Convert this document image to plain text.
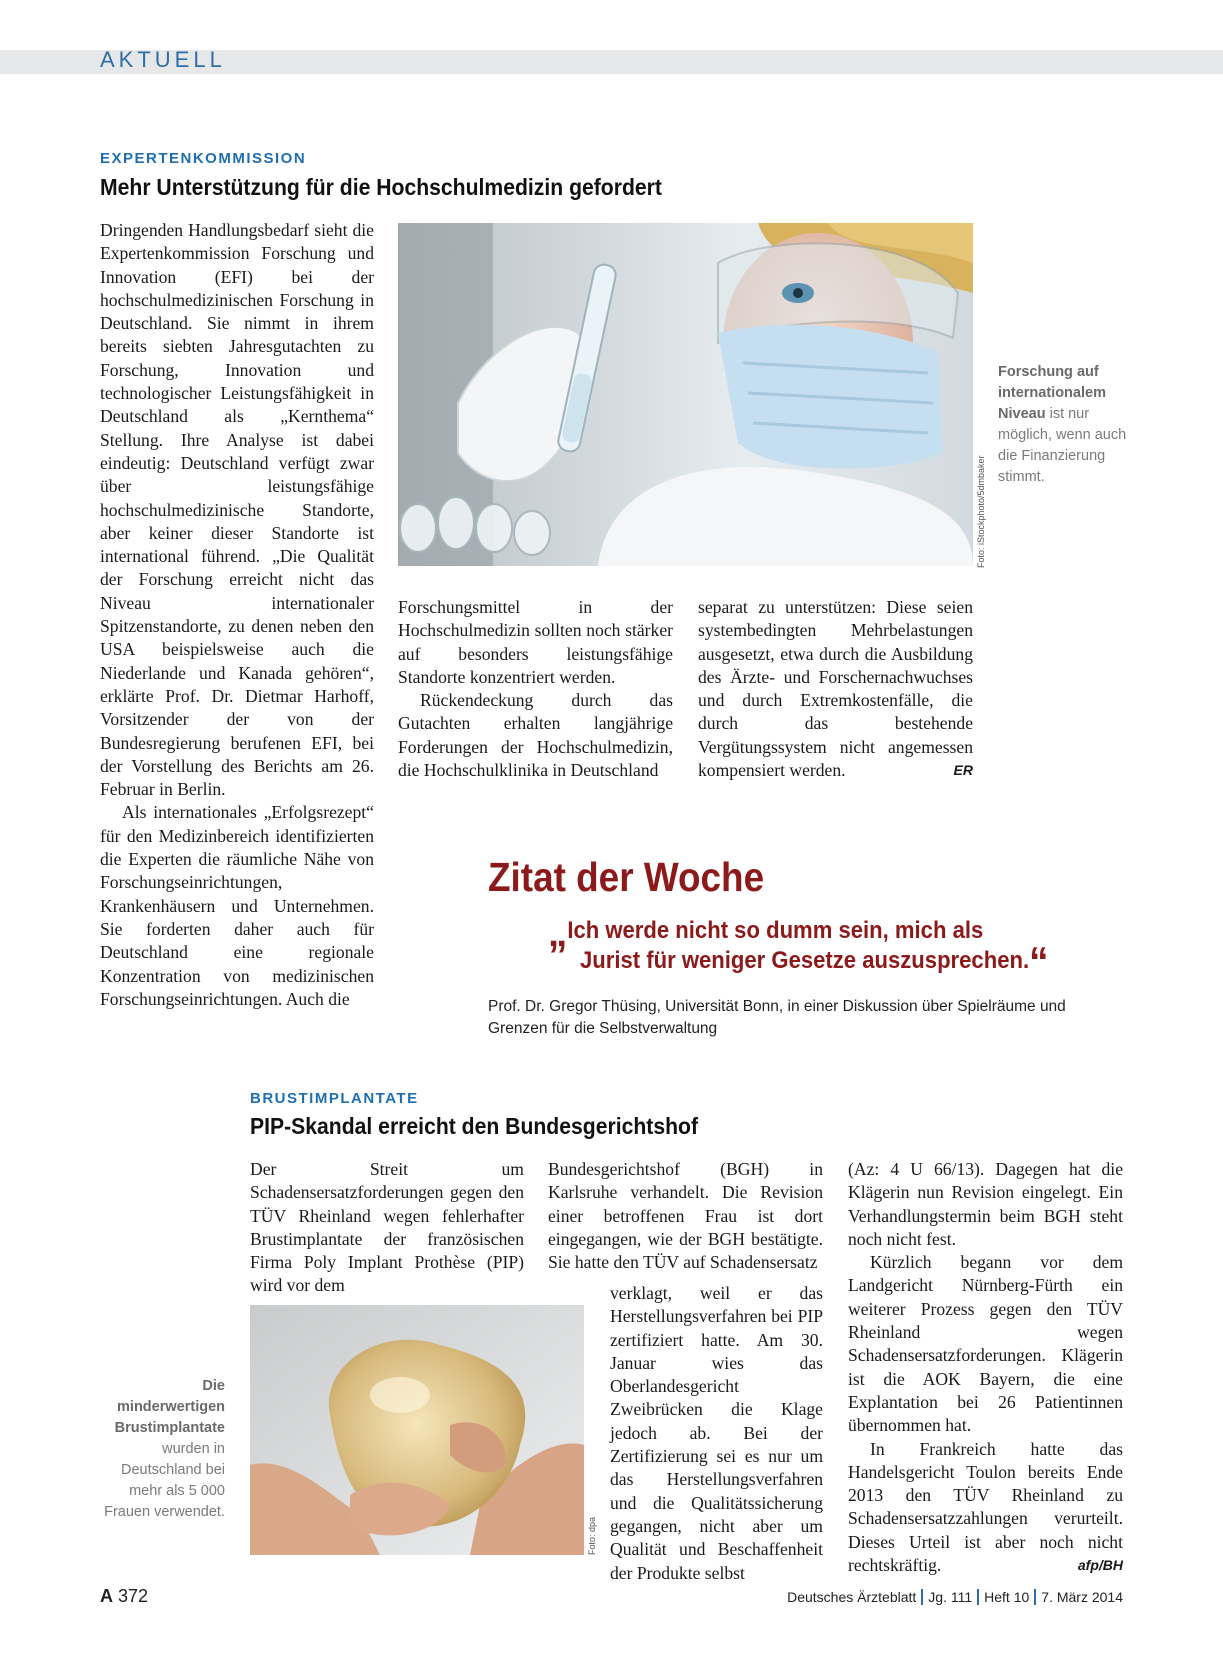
AKTUELL
EXPERTENKOMMISSION
Mehr Unterstützung für die Hochschulmedizin gefordert

Dringenden Handlungsbedarf sieht die Expertenkommission Forschung und Innovation (EFI) bei der hochschulmedizinischen Forschung in Deutschland. Sie nimmt in ihrem bereits siebten Jahresgutachten zu Forschung, Innovation und technologischer Leistungsfähigkeit in Deutschland als „Kernthema“ Stellung. Ihre Analyse ist dabei eindeutig: Deutschland verfügt zwar über leistungsfähige hochschulmedizinische Standorte, aber keiner dieser Standorte ist international führend. „Die Qualität der Forschung erreicht nicht das Niveau internationaler Spitzenstandorte, zu denen neben den USA beispielsweise auch die Niederlande und Kanada gehören“, erklärte Prof. Dr. Dietmar Harhoff, Vorsitzender der von der Bundesregierung berufenen EFI, bei der Vorstellung des Berichts am 26. Februar in Berlin.

Als internationales „Erfolgsrezept“ für den Medizinbereich identifizierten die Experten die räumliche Nähe von Forschungseinrichtungen, Krankenhäusern und Unternehmen. Sie forderten daher auch für Deutschland eine regionale Konzentration von medizinischen Forschungseinrichtungen. Auch die

Foto: iStockphoto/5dmbaker
Forschung auf internationalem Niveau ist nur möglich, wenn auch die Finanzierung stimmt.

Forschungsmittel in der Hochschulmedizin sollten noch stärker auf besonders leistungsfähige Standorte konzentriert werden.

Rückendeckung durch das Gutachten erhalten langjährige Forderungen der Hochschulmedizin, die Hochschulklinika in Deutschland

separat zu unterstützen: Diese seien systembedingten Mehrbelastungen ausgesetzt, etwa durch die Ausbildung des Ärzte- und Forschernachwuchses und durch Extremkostenfälle, die durch das bestehende Vergütungssystem nicht angemessen kompensiert werden.	ER

Zitat der Woche
„Ich werde nicht so dumm sein, mich als
Jurist für weniger Gesetze auszusprechen.“
Prof. Dr. Gregor Thüsing, Universität Bonn, in einer Diskussion über Spielräume und Grenzen für die Selbstverwaltung
BRUSTIMPLANTATE
PIP-Skandal erreicht den Bundesgerichtshof

Der Streit um Schadensersatzforderungen gegen den TÜV Rheinland wegen fehlerhafter Brustimplantate der französischen Firma Poly Implant Prothèse (PIP) wird vor dem

Foto: dpa
Die minderwertigen Brustimplantate wurden in Deutschland bei mehr als 5 000 Frauen verwendet.

Bundesgerichtshof (BGH) in Karlsruhe verhandelt. Die Revision einer betroffenen Frau ist dort eingegangen, wie der BGH bestätigte. Sie hatte den TÜV auf Schadensersatz

verklagt, weil er das Herstellungsverfahren bei PIP zertifiziert hatte. Am 30. Januar wies das Oberlandesgericht Zweibrücken die Klage jedoch ab. Bei der Zertifizierung sei es nur um das Herstellungsverfahren und die Qualitätssicherung gegangen, nicht aber um Qualität und Beschaffenheit der Produkte selbst

(Az: 4 U 66/13). Dagegen hat die Klägerin nun Revision eingelegt. Ein Verhandlungstermin beim BGH steht noch nicht fest.

Kürzlich begann vor dem Landgericht Nürnberg-Fürth ein weiterer Prozess gegen den TÜV Rheinland wegen Schadensersatzforderungen. Klägerin ist die AOK Bayern, die eine Explantation bei 26 Patientinnen übernommen hat.

In Frankreich hatte das Handelsgericht Toulon bereits Ende 2013 den TÜV Rheinland zu Schadensersatzzahlungen verurteilt. Dieses Urteil ist aber noch nicht rechtskräftig.	afp/BH

A 372	Deutsches Ärzteblatt Jg. 111 Heft 10 7. März 2014
